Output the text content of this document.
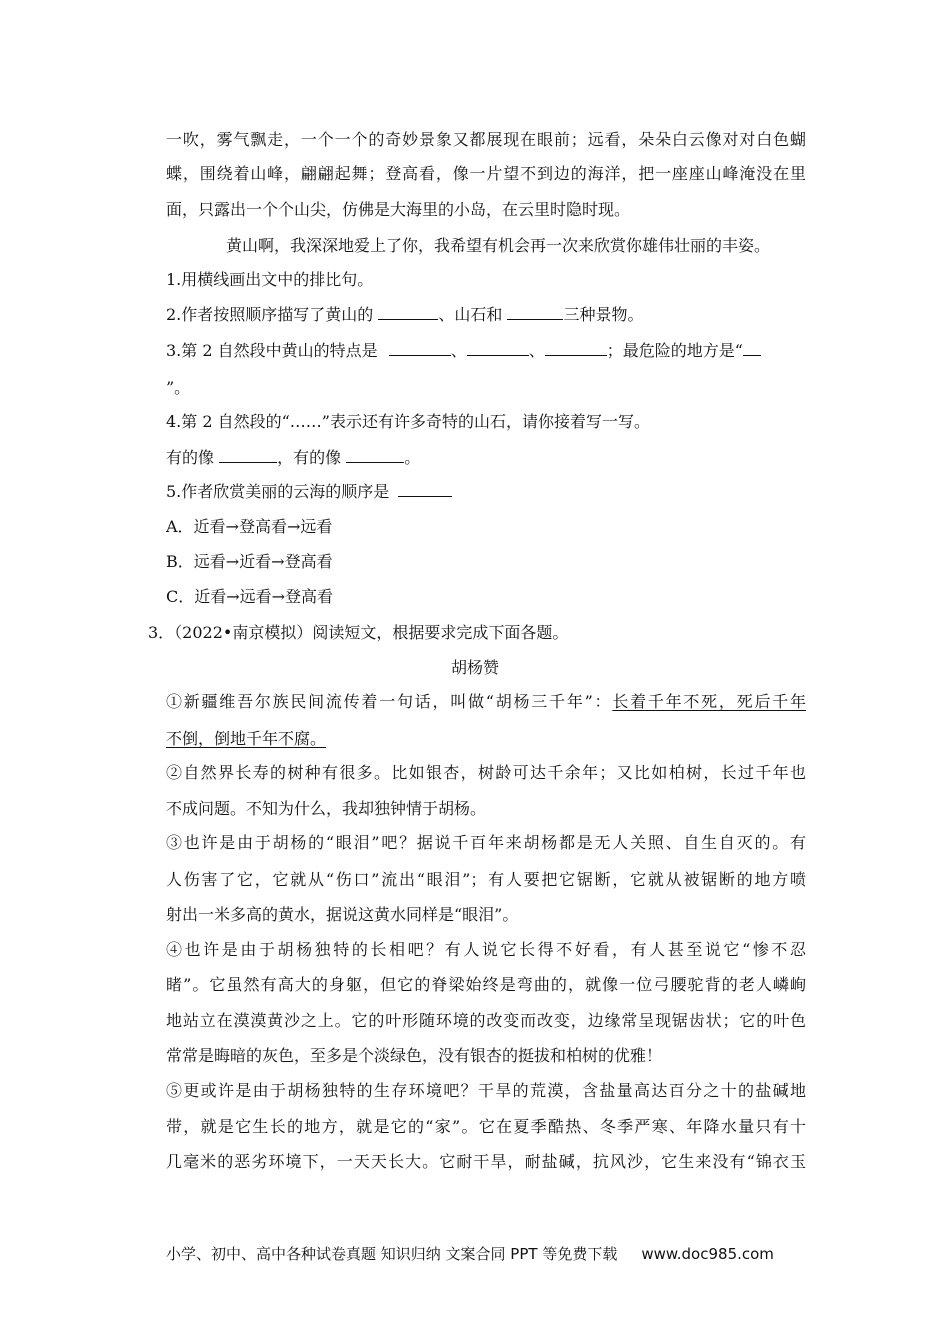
一吹，雾气飘走，一个一个的奇妙景象又都展现在眼前；远看，朵朵白云像对对白色蝴
蝶，围绕着山峰，翩翩起舞；登高看，像一片望不到边的海洋，把一座座山峰淹没在里
面，只露出一个个山尖，仿佛是大海里的小岛，在云里时隐时现。
黄山啊，我深深地爱上了你，我希望有机会再一次来欣赏你雄伟壮丽的丰姿。
1.用横线画出文中的排比句。
2.作者按照顺序描写了黄山的	、山石和	三种景物。
3.第 2 自然段中黄山的特点是	、	、	；最危险的地方是“
”。
4.第 2 自然段的“……”表示还有许多奇特的山石，请你接着写一写。
有的像	，有的像	。
5.作者欣赏美丽的云海的顺序是
A．近看→登高看→远看
B．远看→近看→登高看
C．近看→远看→登高看
3．（2022•南京模拟）阅读短文，根据要求完成下面各题。
胡杨赞
①新疆维吾尔族民间流传着一句话，叫做“胡杨三千年”：长着千年不死，死后千年
不倒，倒地千年不腐。
②自然界长寿的树种有很多。比如银杏，树龄可达千余年；又比如柏树，长过千年也
不成问题。不知为什么，我却独钟情于胡杨。
③也许是由于胡杨的“眼泪”吧？据说千百年来胡杨都是无人关照、自生自灭的。有
人伤害了它，它就从“伤口”流出“眼泪”；有人要把它锯断，它就从被锯断的地方喷
射出一米多高的黄水，据说这黄水同样是“眼泪”。
④也许是由于胡杨独特的长相吧？有人说它长得不好看，有人甚至说它“惨不忍
睹”。它虽然有高大的身躯，但它的脊梁始终是弯曲的，就像一位弓腰驼背的老人嶙峋
地站立在漠漠黄沙之上。它的叶形随环境的改变而改变，边缘常呈现锯齿状；它的叶色
常常是晦暗的灰色，至多是个淡绿色，没有银杏的挺拔和柏树的优雅！
⑤更或许是由于胡杨独特的生存环境吧？干旱的荒漠，含盐量高达百分之十的盐碱地
带，就是它生长的地方，就是它的“家”。它在夏季酷热、冬季严寒、年降水量只有十
几毫米的恶劣环境下，一天天长大。它耐干旱，耐盐碱，抗风沙，它生来没有“锦衣玉
小学、初中、高中各种试卷真题 知识归纳 文案合同 PPT 等免费下载 www.doc985.com
